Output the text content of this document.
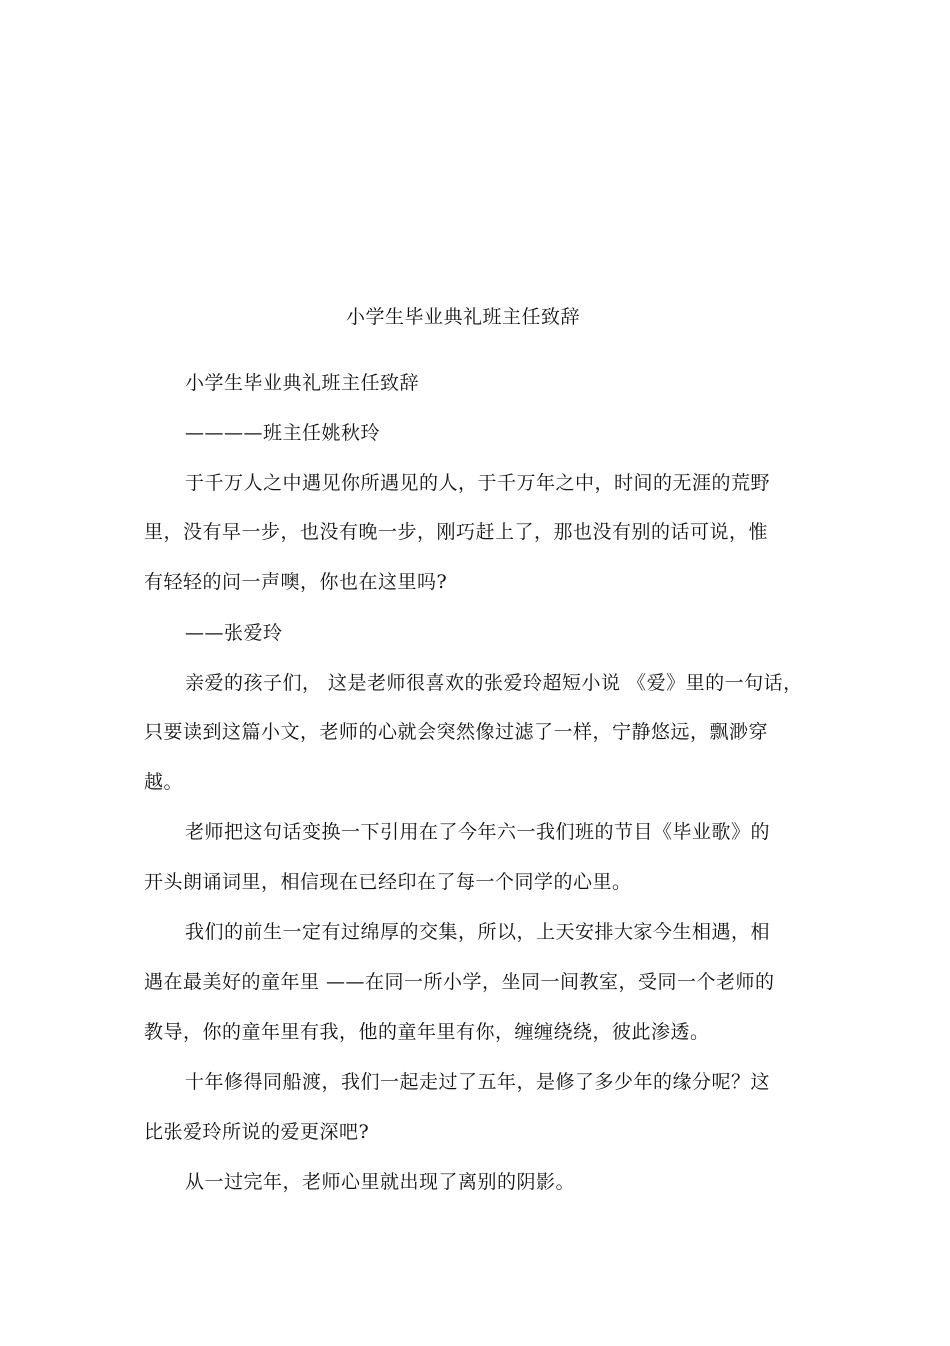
小学生毕业典礼班主任致辞

小学生毕业典礼班主任致辞

————班主任姚秋玲

于千万人之中遇见你所遇见的人，于千万年之中，时间的无涯的荒野

里，没有早一步，也没有晚一步，刚巧赶上了，那也没有别的话可说，惟

有轻轻的问一声噢，你也在这里吗?

——张爱玲

亲爱的孩子们， 这是老师很喜欢的张爱玲超短小说 《爱》里的一句话，

只要读到这篇小文，老师的心就会突然像过滤了一样，宁静悠远，飘渺穿

越。

老师把这句话变换一下引用在了今年六一我们班的节目《毕业歌》的

开头朗诵词里，相信现在已经印在了每一个同学的心里。

我们的前生一定有过绵厚的交集，所以，上天安排大家今生相遇，相

遇在最美好的童年里 ——在同一所小学，坐同一间教室，受同一个老师的

教导，你的童年里有我，他的童年里有你，缠缠绕绕，彼此渗透。

十年修得同船渡，我们一起走过了五年，是修了多少年的缘分呢？这

比张爱玲所说的爱更深吧?

从一过完年，老师心里就出现了离别的阴影。
